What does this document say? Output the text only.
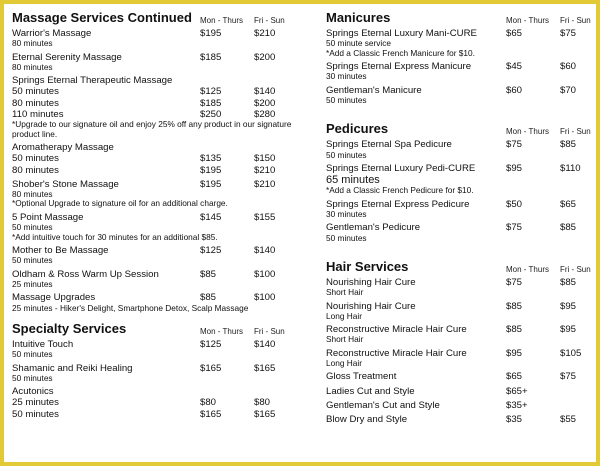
Massage Services Continued	Mon - Thurs	Fri - Sun
Warrior's Massage	$195	$210
80 minutes
Eternal Serenity Massage	$185	$200
80 minutes
Springs Eternal Therapeutic Massage
50 minutes	$125	$140
80 minutes	$185	$200
110 minutes	$250	$280
*Upgrade to our signature oil and enjoy 25% off any product in our signature product line.
Aromatherapy Massage
50 minutes	$135	$150
80 minutes	$195	$210
Shober's Stone Massage	$195	$210
80 minutes
*Optional Upgrade to signature oil for an additional charge.
5 Point Massage	$145	$155
50 minutes
*Add intuitive touch for 30 minutes for an additional $85.
Mother to Be Massage	$125	$140
50 minutes
Oldham & Ross Warm Up Session	$85	$100
25 minutes
Massage Upgrades	$85	$100
25 minutes - Hiker's Delight, Smartphone Detox, Scalp Massage
Specialty Services	Mon - Thurs	Fri - Sun
Intuitive Touch	$125	$140
50 minutes
Shamanic and Reiki Healing	$165	$165
50 minutes
Acutonics
25 minutes	$80	$80
50 minutes	$165	$165
Manicures	Mon - Thurs	Fri - Sun
Springs Eternal Luxury Mani-CURE	$65	$75
50 minute service
*Add a Classic French Manicure for $10.
Springs Eternal Express Manicure	$45	$60
30 minutes
Gentleman's Manicure	$60	$70
50 minutes
Pedicures	Mon - Thurs	Fri - Sun
Springs Eternal Spa Pedicure	$75	$85
50 minutes
Springs Eternal Luxury Pedi-CURE	$95	$110
65 minutes
*Add a Classic French Pedicure for $10.
Springs Eternal Express Pedicure	$50	$65
30 minutes
Gentleman's Pedicure	$75	$85
50 minutes
Hair Services	Mon - Thurs	Fri - Sun
Nourishing Hair Cure	$75	$85
Short Hair
Nourishing Hair Cure	$85	$95
Long Hair
Reconstructive Miracle Hair Cure	$85	$95
Short Hair
Reconstructive Miracle Hair Cure	$95	$105
Long Hair
Gloss Treatment	$65	$75
Ladies Cut and Style	$65+
Gentleman's Cut and Style	$35+
Blow Dry and Style	$35	$55
